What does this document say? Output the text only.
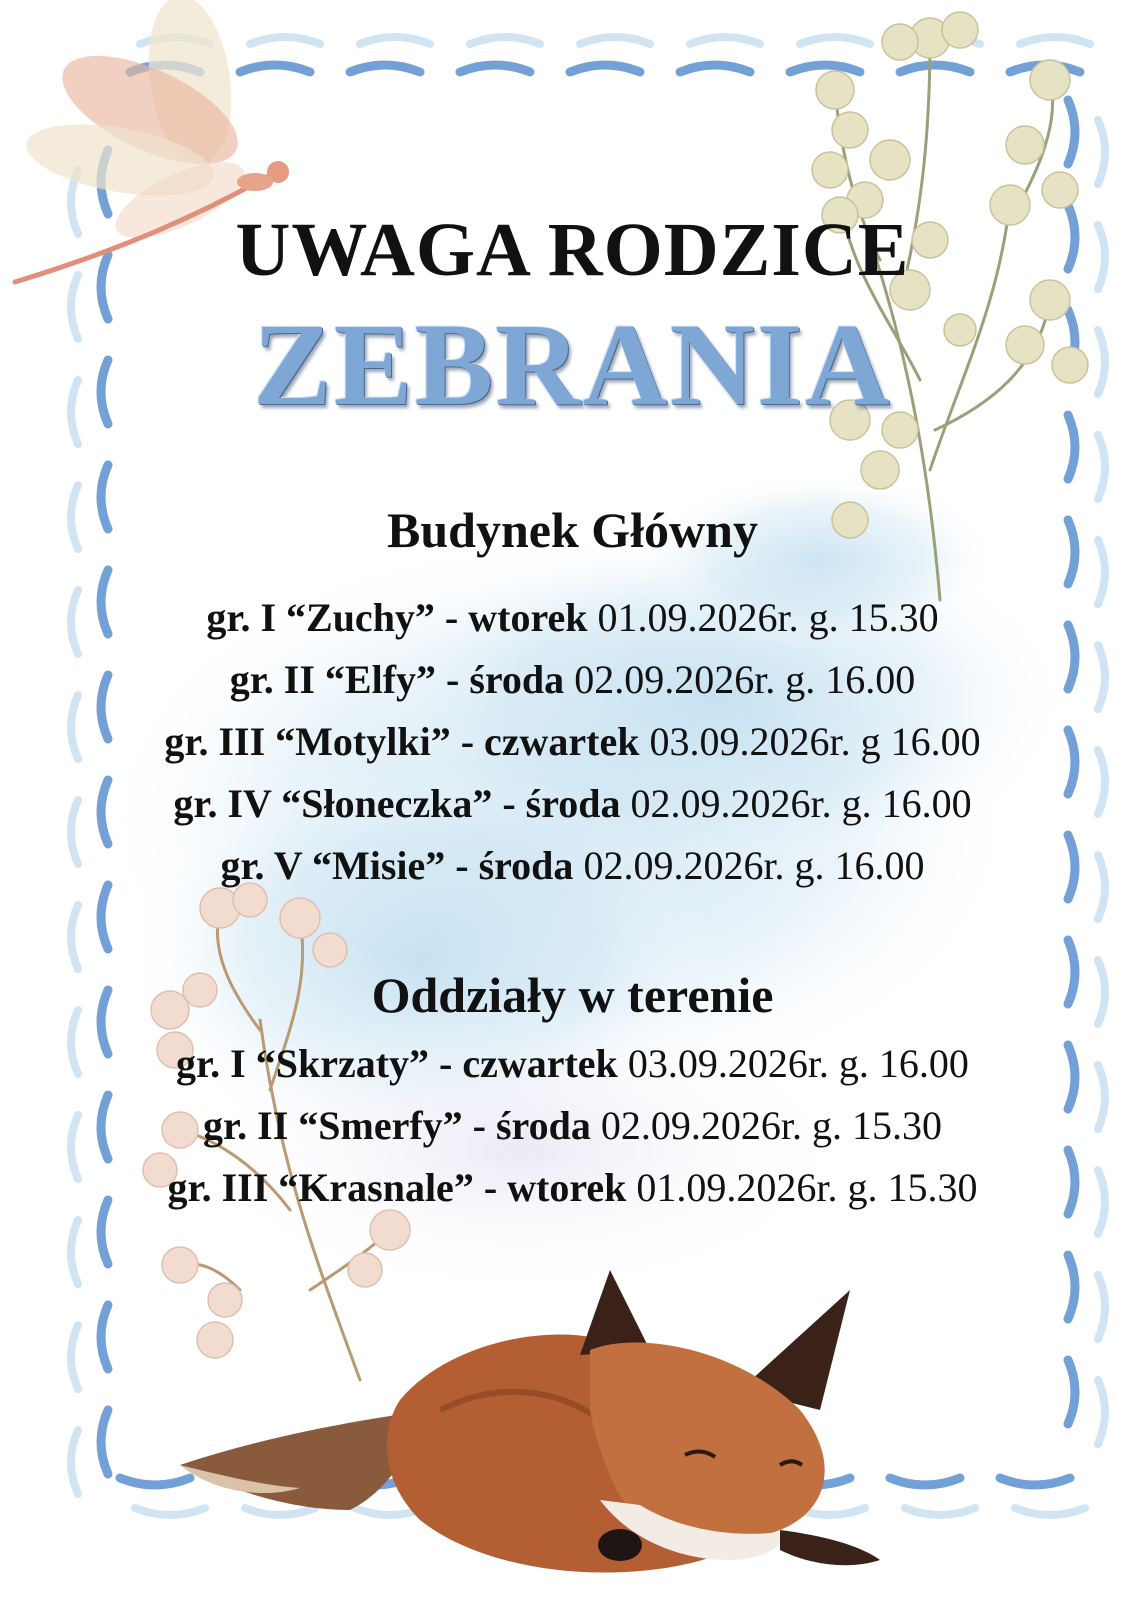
UWAGA RODZICE
ZEBRANIA
Budynek Główny
gr. I “Zuchy” - wtorek 01.09.2026r. g. 15.30
gr. II “Elfy” - środa 02.09.2026r. g. 16.00
gr. III “Motylki” - czwartek 03.09.2026r. g 16.00
gr. IV “Słoneczka” - środa 02.09.2026r. g. 16.00
gr. V “Misie” - środa 02.09.2026r. g. 16.00
Oddziały w terenie
gr. I “Skrzaty” - czwartek 03.09.2026r. g. 16.00
gr. II “Smerfy” - środa 02.09.2026r. g. 15.30
gr. III “Krasnale” - wtorek 01.09.2026r. g. 15.30
